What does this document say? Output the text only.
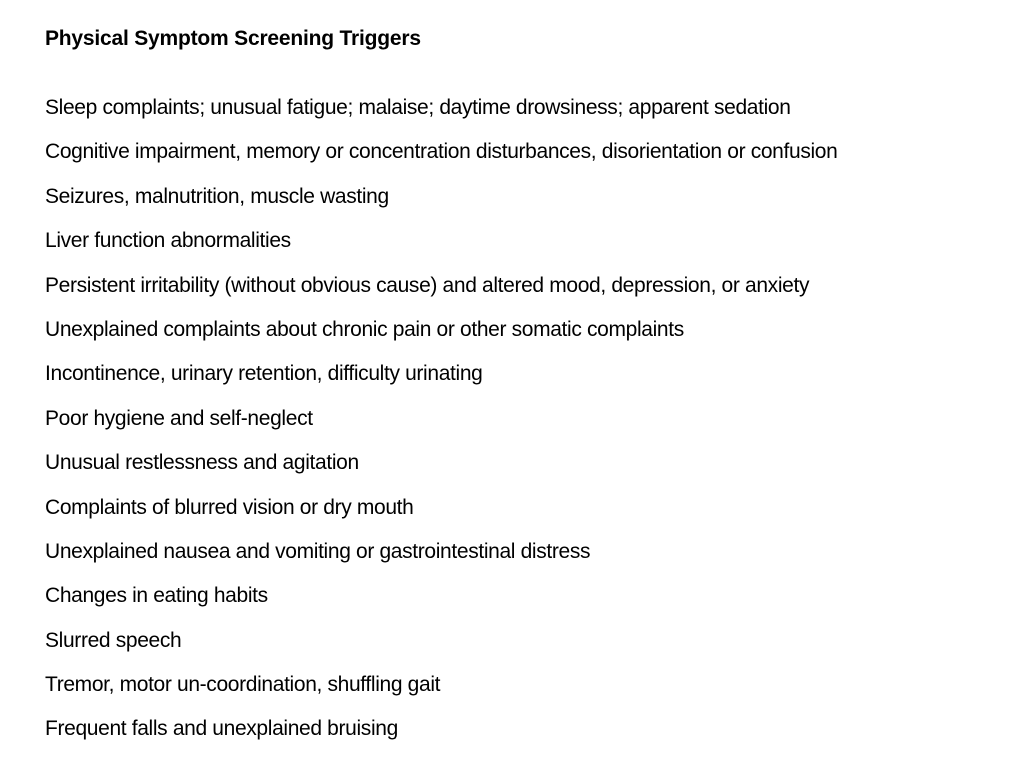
Physical Symptom Screening Triggers
Sleep complaints; unusual fatigue; malaise; daytime drowsiness; apparent sedation
Cognitive impairment, memory or concentration disturbances, disorientation or confusion
Seizures, malnutrition, muscle wasting
Liver function abnormalities
Persistent irritability (without obvious cause) and altered mood, depression, or anxiety
Unexplained complaints about chronic pain or other somatic complaints
Incontinence, urinary retention, difficulty urinating
Poor hygiene and self-neglect
Unusual restlessness and agitation
Complaints of blurred vision or dry mouth
Unexplained nausea and vomiting or gastrointestinal distress
Changes in eating habits
Slurred speech
Tremor, motor un-coordination, shuffling gait
Frequent falls and unexplained bruising
